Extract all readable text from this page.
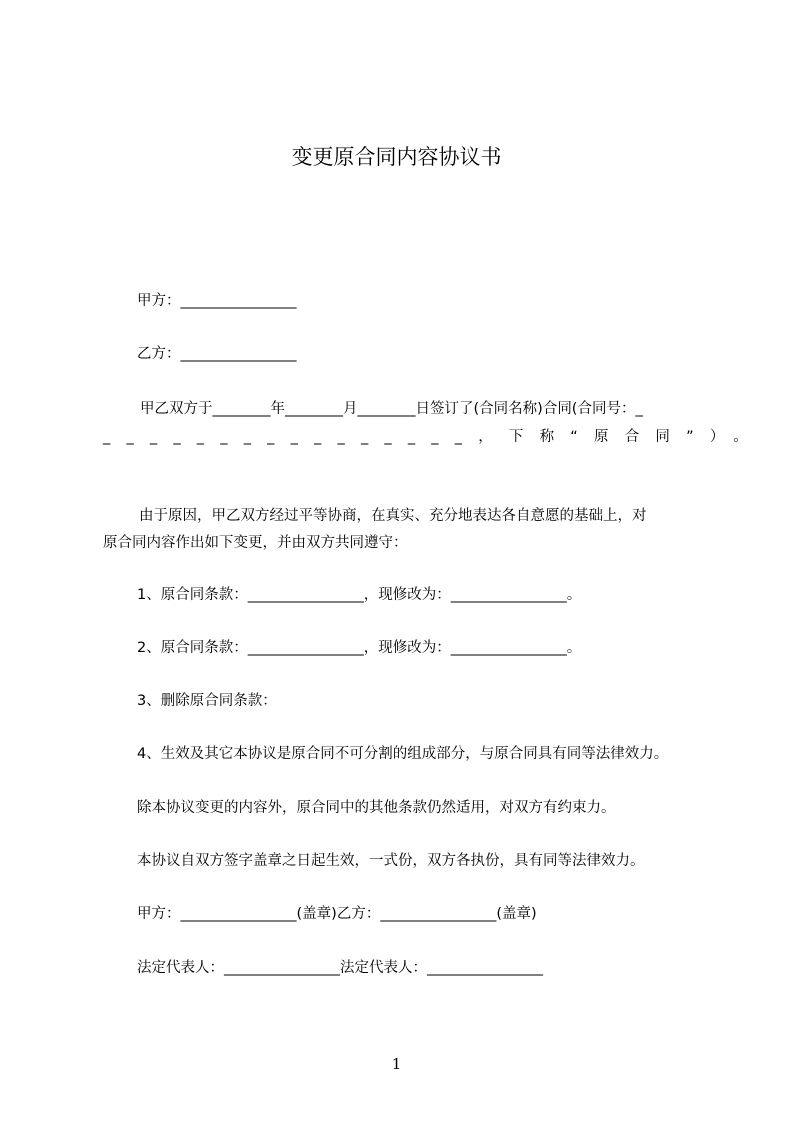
变更原合同内容协议书
甲方：________________
乙方：________________
甲乙双方于________年________月________日签订了(合同名称)合同(合同号：_
________________，下称“原合同”）。
由于原因，甲乙双方经过平等协商，在真实、充分地表达各自意愿的基础上，对
原合同内容作出如下变更，并由双方共同遵守：
1、原合同条款：________________，现修改为：________________。
2、原合同条款：________________，现修改为：________________。
3、删除原合同条款：
4、生效及其它本协议是原合同不可分割的组成部分，与原合同具有同等法律效力。
除本协议变更的内容外，原合同中的其他条款仍然适用，对双方有约束力。
本协议自双方签字盖章之日起生效，一式份，双方各执份，具有同等法律效力。
甲方：________________(盖章)乙方：________________(盖章)
法定代表人：________________法定代表人：________________
1
